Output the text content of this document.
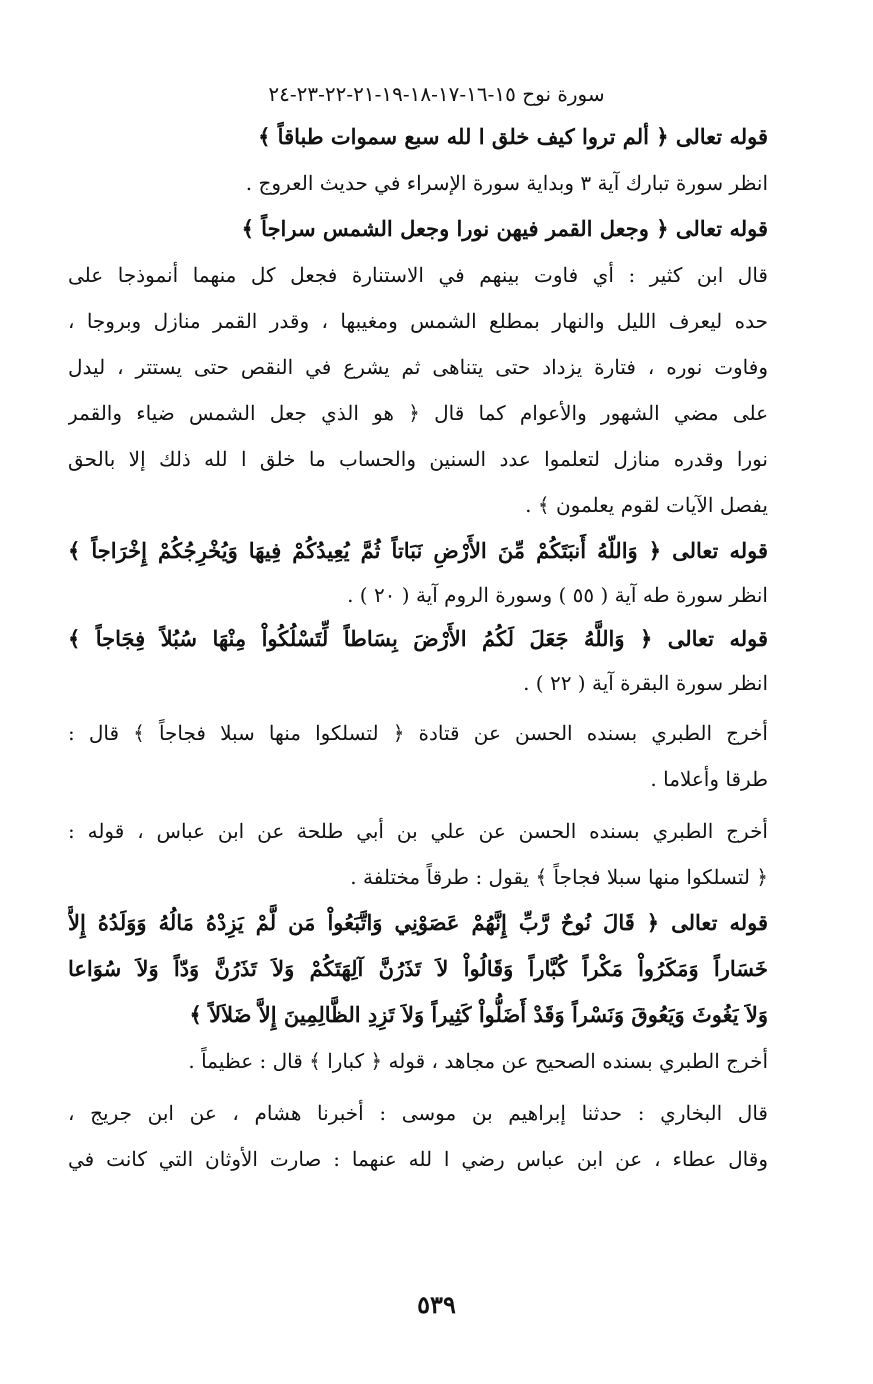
سورة نوح ١٥-١٦-١٧-١٨-١٩-٢١-٢٢-٢٣-٢٤
قوله تعالى ﴿ ألم تروا كيف خلق ا لله سبع سموات طباقاً ﴾
انظر سورة تبارك آية ٣ وبداية سورة الإسراء في حديث العروج .
قوله تعالى ﴿ وجعل القمر فيهن نورا وجعل الشمس سراجاً ﴾
قال ابن كثير : أي فاوت بينهم في الاستنارة فجعل كل منهما أنموذجا على
حده ليعرف الليل والنهار بمطلع الشمس ومغيبها ، وقدر القمر منازل وبروجا ،
وفاوت نوره ، فتارة يزداد حتى يتناهى ثم يشرع في النقص حتى يستتر ، ليدل
على مضي الشهور والأعوام كما قال ﴿ هو الذي جعل الشمس ضياء والقمر
نورا وقدره منازل لتعلموا عدد السنين والحساب ما خلق ا لله ذلك إلا بالحق
يفصل الآيات لقوم يعلمون ﴾ .
قوله تعالى ﴿ وَاللّهُ أَنبَتَكُمْ مِّنَ الأَرْضِ نَبَاتاً ثُمَّ يُعِيدُكُمْ فِيهَا وَيُخْرِجُكُمْ إِخْرَاجاً ﴾
انظر سورة طه آية ( ٥٥ ) وسورة الروم آية ( ٢٠ ) .
قوله تعالى ﴿ وَاللَّهُ جَعَلَ لَكُمُ الأَرْضَ بِسَاطاً لِّتَسْلُكُواْ مِنْهَا سُبُلاً فِجَاجاً ﴾
انظر سورة البقرة آية ( ٢٢ ) .
أخرج الطبري بسنده الحسن عن قتادة ﴿ لتسلكوا منها سبلا فجاجاً ﴾ قال :
طرقا وأعلاما .
أخرج الطبري بسنده الحسن عن علي بن أبي طلحة عن ابن عباس ، قوله :
﴿ لتسلكوا منها سبلا فجاجاً ﴾ يقول : طرقاً مختلفة .
قوله تعالى ﴿ قَالَ نُوحٌ رَّبِّ إِنَّهُمْ عَصَوْنِي وَاتَّبَعُواْ مَن لَّمْ يَزِدْهُ مَالُهُ وَوَلَدُهُ إِلاَّ
خَسَاراً وَمَكَرُواْ مَكْراً كُبَّاراً وَقَالُواْ لاَ تَذَرُنَّ آلِهَتَكُمْ وَلاَ تَذَرُنَّ وَدّاً وَلاَ سُوَاعا
وَلاَ يَغُوثَ وَيَعُوقَ وَنَسْراً وَقَدْ أَضَلُّواْ كَثِيراً وَلاَ تَزِدِ الظَّالِمِينَ إِلاَّ ضَلاَلاً ﴾
أخرج الطبري بسنده الصحيح عن مجاهد ، قوله ﴿ كبارا ﴾ قال : عظيماً .
قال البخاري : حدثنا إبراهيم بن موسى : أخبرنا هشام ، عن ابن جريج ،
وقال عطاء ، عن ابن عباس رضي ا لله عنهما : صارت الأوثان التي كانت في
٥٣٩
